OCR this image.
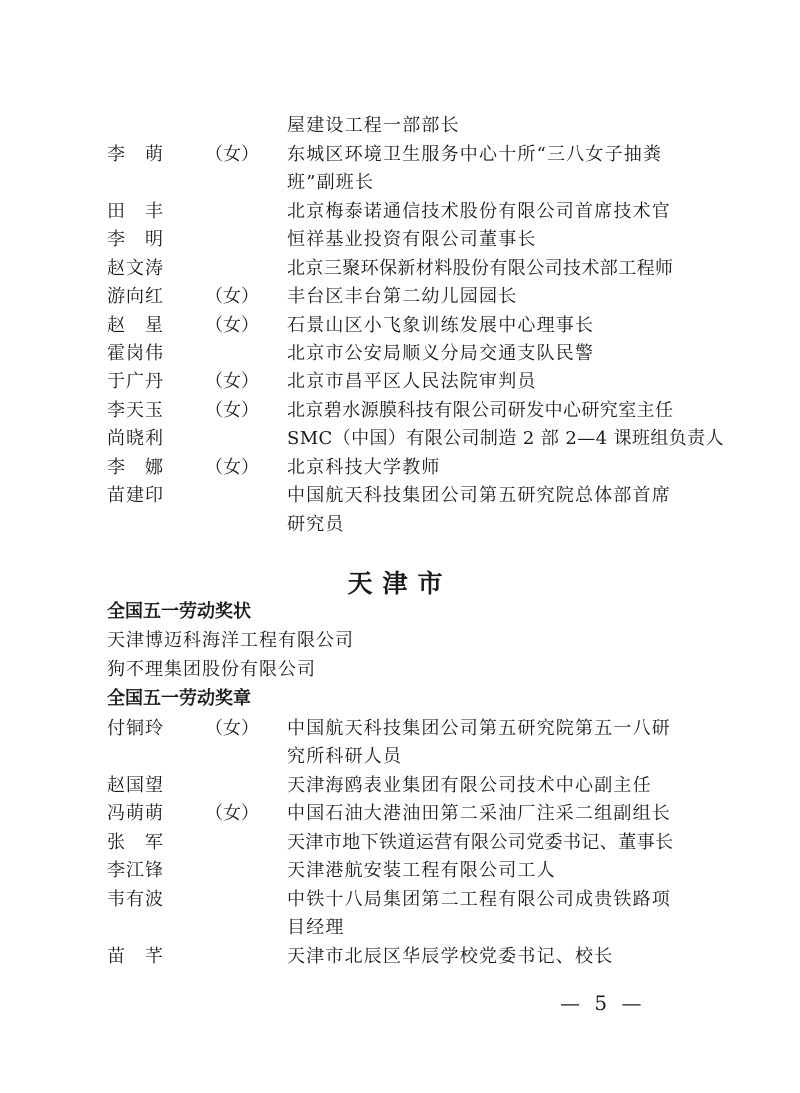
屋建设工程一部部长
李　萌 （女） 东城区环境卫生服务中心十所“三八女子抽粪
班”副班长
田　丰	北京梅泰诺通信技术股份有限公司首席技术官
李　明	恒祥基业投资有限公司董事长
赵文涛	北京三聚环保新材料股份有限公司技术部工程师
游向红 （女） 丰台区丰台第二幼儿园园长
赵　星 （女） 石景山区小飞象训练发展中心理事长
霍岗伟	北京市公安局顺义分局交通支队民警
于广丹 （女） 北京市昌平区人民法院审判员
李天玉 （女） 北京碧水源膜科技有限公司研发中心研究室主任
尚晓利	SMC（中国）有限公司制造 2 部 2—4 课班组负责人
李　娜 （女） 北京科技大学教师
苗建印	中国航天科技集团公司第五研究院总体部首席
研究员
天津市
全国五一劳动奖状
天津博迈科海洋工程有限公司
狗不理集团股份有限公司
全国五一劳动奖章
付铜玲 （女） 中国航天科技集团公司第五研究院第五一八研
究所科研人员
赵国望	天津海鸥表业集团有限公司技术中心副主任
冯萌萌 （女） 中国石油大港油田第二采油厂注采二组副组长
张　军	天津市地下铁道运营有限公司党委书记、董事长
李江锋	天津港航安装工程有限公司工人
韦有波	中铁十八局集团第二工程有限公司成贵铁路项
目经理
苗　芊	天津市北辰区华辰学校党委书记、校长
— 5 —
